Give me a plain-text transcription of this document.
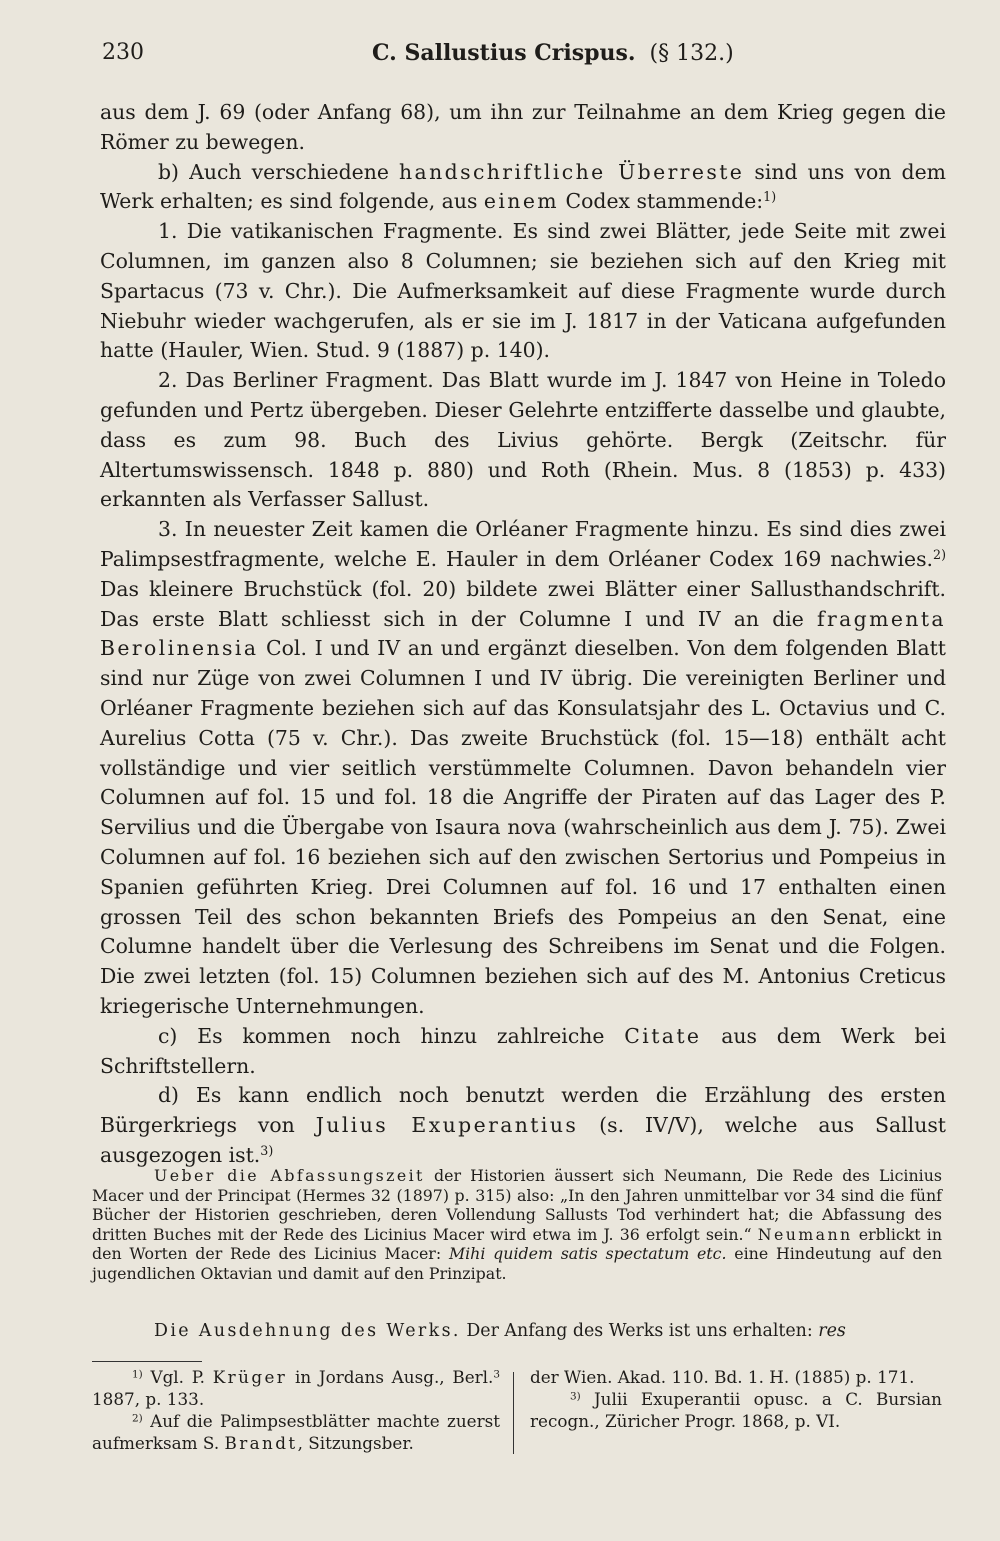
230	C. Sallustius Crispus. (§ 132.)

aus dem J. 69 (oder Anfang 68), um ihn zur Teilnahme an dem Krieg gegen die Römer zu bewegen.

b) Auch verschiedene handschriftliche Überreste sind uns von dem Werk erhalten; es sind folgende, aus einem Codex stammende:$^{1)}$

1. Die vatikanischen Fragmente. Es sind zwei Blätter, jede Seite mit zwei Columnen, im ganzen also 8 Columnen; sie beziehen sich auf den Krieg mit Spartacus (73 v. Chr.). Die Aufmerksamkeit auf diese Fragmente wurde durch Niebuhr wieder wachgerufen, als er sie im J. 1817 in der Vaticana aufgefunden hatte (Hauler, Wien. Stud. 9 (1887) p. 140).

2. Das Berliner Fragment. Das Blatt wurde im J. 1847 von Heine in Toledo gefunden und Pertz übergeben. Dieser Gelehrte entzifferte dasselbe und glaubte, dass es zum 98. Buch des Livius gehörte. Bergk (Zeitschr. für Altertumswissensch. 1848 p. 880) und Roth (Rhein. Mus. 8 (1853) p. 433) erkannten als Verfasser Sallust.

3. In neuester Zeit kamen die Orléaner Fragmente hinzu. Es sind dies zwei Palimpsestfragmente, welche E. Hauler in dem Orléaner Codex 169 nachwies.$^{2)}$ Das kleinere Bruchstück (fol. 20) bildete zwei Blätter einer Sallusthandschrift. Das erste Blatt schliesst sich in der Columne I und IV an die fragmenta Berolinensia Col. I und IV an und ergänzt dieselben. Von dem folgenden Blatt sind nur Züge von zwei Columnen I und IV übrig. Die vereinigten Berliner und Orléaner Fragmente beziehen sich auf das Konsulatsjahr des L. Octavius und C. Aurelius Cotta (75 v. Chr.). Das zweite Bruchstück (fol. 15—18) enthält acht vollständige und vier seitlich verstümmelte Columnen. Davon behandeln vier Columnen auf fol. 15 und fol. 18 die Angriffe der Piraten auf das Lager des P. Servilius und die Übergabe von Isaura nova (wahrscheinlich aus dem J. 75). Zwei Columnen auf fol. 16 beziehen sich auf den zwischen Sertorius und Pompeius in Spanien geführten Krieg. Drei Columnen auf fol. 16 und 17 enthalten einen grossen Teil des schon bekannten Briefs des Pompeius an den Senat, eine Columne handelt über die Verlesung des Schreibens im Senat und die Folgen. Die zwei letzten (fol. 15) Columnen beziehen sich auf des M. Antonius Creticus kriegerische Unternehmungen.

c) Es kommen noch hinzu zahlreiche Citate aus dem Werk bei Schriftstellern.

d) Es kann endlich noch benutzt werden die Erzählung des ersten Bürgerkriegs von Julius Exuperantius (s. IV/V), welche aus Sallust ausgezogen ist.$^{3)}$

Ueber die Abfassungszeit der Historien äussert sich Neumann, Die Rede des Licinius Macer und der Principat (Hermes 32 (1897) p. 315) also: „In den Jahren unmittelbar vor 34 sind die fünf Bücher der Historien geschrieben, deren Vollendung Sallusts Tod verhindert hat; die Abfassung des dritten Buches mit der Rede des Licinius Macer wird etwa im J. 36 erfolgt sein.“ Neumann erblickt in den Worten der Rede des Licinius Macer: Mihi quidem satis spectatum etc. eine Hindeutung auf den jugendlichen Oktavian und damit auf den Prinzipat.

Die Ausdehnung des Werks. Der Anfang des Werks ist uns erhalten: res

$^{1)}$ Vgl. P. Krüger in Jordans Ausg., Berl.$^3$ 1887, p. 133.

$^{2)}$ Auf die Palimpsestblätter machte zuerst aufmerksam S. Brandt, Sitzungsber.

der Wien. Akad. 110. Bd. 1. H. (1885) p. 171.

$^{3)}$ Julii Exuperantii opusc. a C. Bursian recogn., Züricher Progr. 1868, p. VI.
